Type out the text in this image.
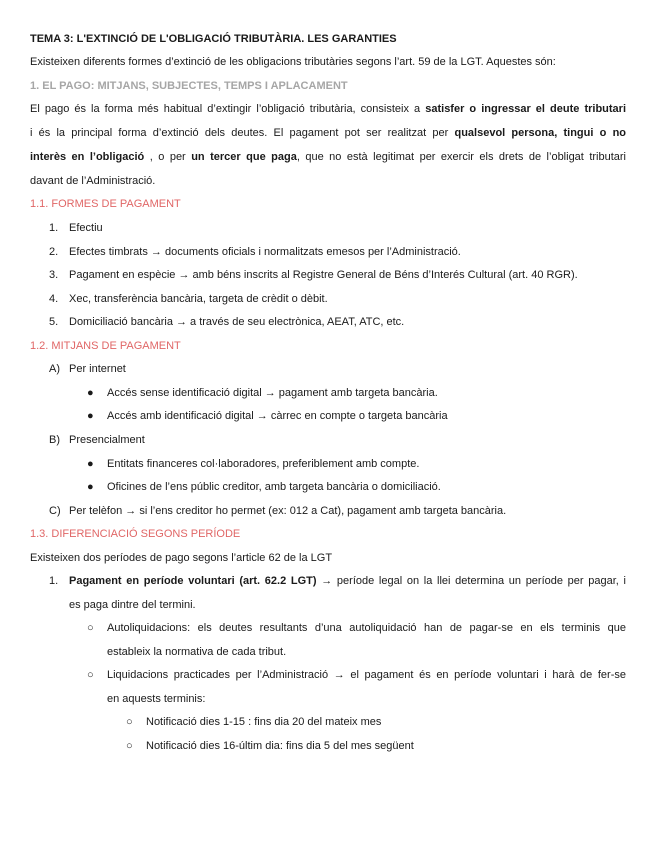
TEMA 3: L'EXTINCIÓ DE L'OBLIGACIÓ TRIBUTÀRIA. LES GARANTIES
Existeixen diferents formes d’extinció de les obligacions tributàries segons l’art. 59 de la LGT. Aquestes són:
1. EL PAGO: MITJANS, SUBJECTES, TEMPS I APLACAMENT
El pago és la forma més habitual d’extingir l’obligació tributària, consisteix a satisfer o ingressar el deute tributari
i és la principal forma d’extinció dels deutes. El pagament pot ser realitzat per qualsevol persona, tingui o no
interès en l’obligació , o per un tercer que paga, que no està legitimat per exercir els drets de l’obligat tributari
davant de l’Administració.
1.1. FORMES DE PAGAMENT
1. Efectiu
2. Efectes timbrats → documents oficials i normalitzats emesos per l’Administració.
3. Pagament en espècie → amb béns inscrits al Registre General de Béns d’Interés Cultural (art. 40 RGR).
4. Xec, transferència bancària, targeta de crèdit o dèbit.
5. Domiciliació bancària → a través de seu electrònica, AEAT, ATC, etc.
1.2. MITJANS DE PAGAMENT
A) Per internet
● Accés sense identificació digital → pagament amb targeta bancària.
● Accés amb identificació digital → càrrec en compte o targeta bancària
B) Presencialment
● Entitats financeres col·laboradores, preferiblement amb compte.
● Oficines de l’ens públic creditor, amb targeta bancària o domiciliació.
C) Per telèfon → si l’ens creditor ho permet (ex: 012 a Cat), pagament amb targeta bancària.
1.3. DIFERENCIACIÓ SEGONS PERÍODE
Existeixen dos períodes de pago segons l’article 62 de la LGT
1. Pagament en període voluntari (art. 62.2 LGT) → període legal on la llei determina un període per pagar, i
es paga dintre del termini.
○ Autoliquidacions: els deutes resultants d’una autoliquidació han de pagar-se en els terminis que
estableix la normativa de cada tribut.
○ Liquidacions practicades per l’Administració → el pagament és en període voluntari i harà de fer-se
en aquests terminis:
○ Notificació dies 1-15 : fins dia 20 del mateix mes
○ Notificació dies 16-últim dia: fins dia 5 del mes següent
